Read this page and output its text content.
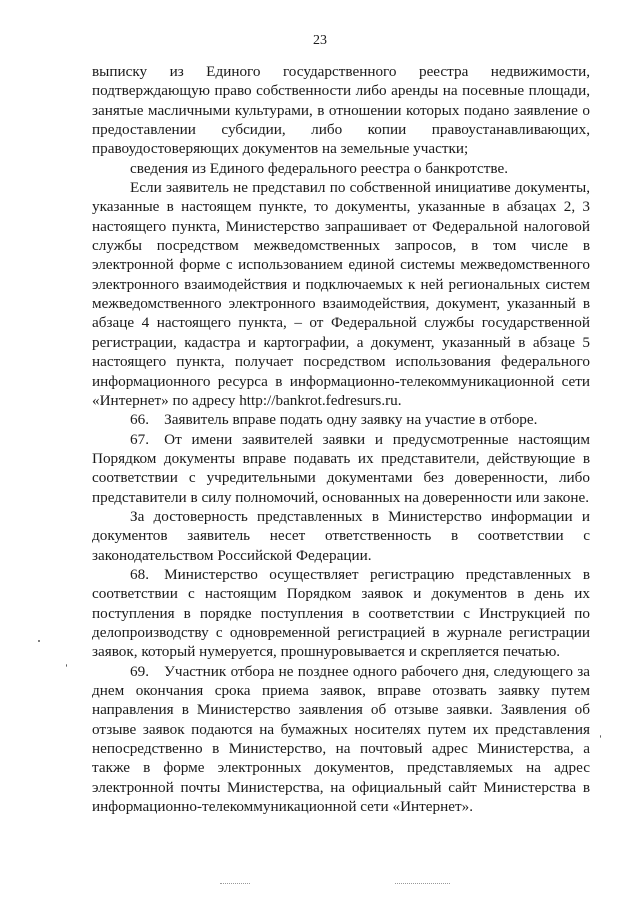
23

выписку из Единого государственного реестра недвижимости, подтверждающую право собственности либо аренды на посевные площади, занятые масличными культурами, в отношении которых подано заявление о предоставлении субсидии, либо копии правоустанавливающих, правоудостоверяющих документов на земельные участки;

сведения из Единого федерального реестра о банкротстве.

Если заявитель не представил по собственной инициативе документы, указанные в настоящем пункте, то документы, указанные в абзацах 2, 3 настоящего пункта, Министерство запрашивает от Федеральной налоговой службы посредством межведомственных запросов, в том числе в электронной форме с использованием единой системы межведомственного электронного взаимодействия и подключаемых к ней региональных систем межведомственного электронного взаимодействия, документ, указанный в абзаце 4 настоящего пункта, – от Федеральной службы государственной регистрации, кадастра и картографии, а документ, указанный в абзаце 5 настоящего пункта, получает посредством использования федерального информационного ресурса в информационно-телекоммуникационной сети «Интернет» по адресу http://bankrot.fedresurs.ru.

66. Заявитель вправе подать одну заявку на участие в отборе.

67. От имени заявителей заявки и предусмотренные настоящим Порядком документы вправе подавать их представители, действующие в соответствии с учредительными документами без доверенности, либо представители в силу полномочий, основанных на доверенности или законе.

За достоверность представленных в Министерство информации и документов заявитель несет ответственность в соответствии с законодательством Российской Федерации.

68. Министерство осуществляет регистрацию представленных в соответствии с настоящим Порядком заявок и документов в день их поступления в порядке поступления в соответствии с Инструкцией по делопроизводству с одновременной регистрацией в журнале регистрации заявок, который нумеруется, прошнуровывается и скрепляется печатью.

69. Участник отбора не позднее одного рабочего дня, следующего за днем окончания срока приема заявок, вправе отозвать заявку путем направления в Министерство заявления об отзыве заявки. Заявления об отзыве заявок подаются на бумажных носителях путем их представления непосредственно в Министерство, на почтовый адрес Министерства, а также в форме электронных документов, представляемых на адрес электронной почты Министерства, на официальный сайт Министерства в информационно-телекоммуникационной сети «Интернет».
